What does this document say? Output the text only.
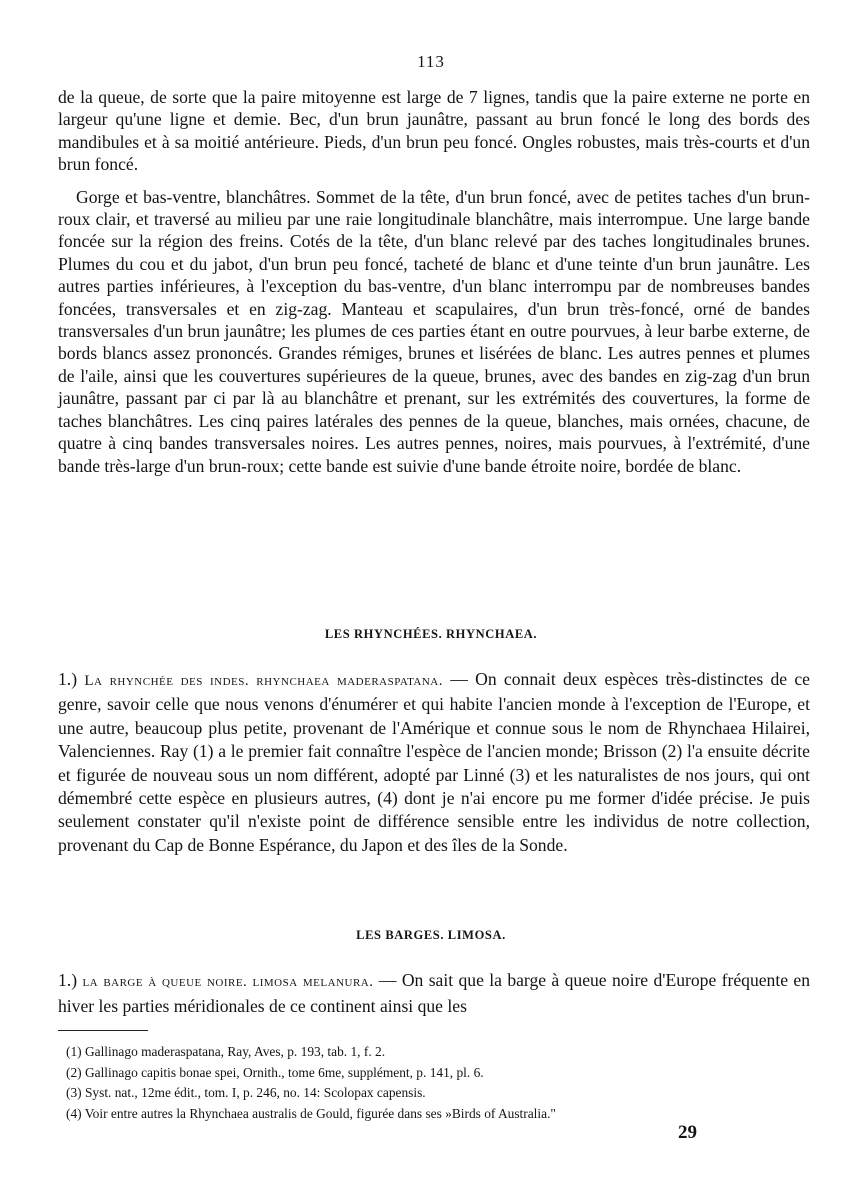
113

de la queue, de sorte que la paire mitoyenne est large de 7 lignes, tandis que la paire externe ne porte en largeur qu'une ligne et demie. Bec, d'un brun jaunâtre, passant au brun foncé le long des bords des mandibules et à sa moitié antérieure. Pieds, d'un brun peu foncé. Ongles robustes, mais très-courts et d'un brun foncé.

Gorge et bas-ventre, blanchâtres. Sommet de la tête, d'un brun foncé, avec de petites taches d'un brun-roux clair, et traversé au milieu par une raie longitudinale blanchâtre, mais interrompue. Une large bande foncée sur la région des freins. Cotés de la tête, d'un blanc relevé par des taches longitudinales brunes. Plumes du cou et du jabot, d'un brun peu foncé, tacheté de blanc et d'une teinte d'un brun jaunâtre. Les autres parties inférieures, à l'exception du bas-ventre, d'un blanc interrompu par de nombreuses bandes foncées, transversales et en zig-zag. Manteau et scapulaires, d'un brun très-foncé, orné de bandes transversales d'un brun jaunâtre; les plumes de ces parties étant en outre pourvues, à leur barbe externe, de bords blancs assez prononcés. Grandes rémiges, brunes et lisérées de blanc. Les autres pennes et plumes de l'aile, ainsi que les couvertures supérieures de la queue, brunes, avec des bandes en zig-zag d'un brun jaunâtre, passant par ci par là au blanchâtre et prenant, sur les extrémités des couvertures, la forme de taches blanchâtres. Les cinq paires latérales des pennes de la queue, blanches, mais ornées, chacune, de quatre à cinq bandes transversales noires. Les autres pennes, noires, mais pourvues, à l'extrémité, d'une bande très-large d'un brun-roux; cette bande est suivie d'une bande étroite noire, bordée de blanc.

LES RHYNCHÉES. RHYNCHAEA.

1.) La rhynchée des indes. rhynchaea maderaspatana. — On connait deux espèces très-distinctes de ce genre, savoir celle que nous venons d'énumérer et qui habite l'ancien monde à l'exception de l'Europe, et une autre, beaucoup plus petite, provenant de l'Amérique et connue sous le nom de Rhynchaea Hilairei, Valenciennes. Ray (1) a le premier fait connaître l'espèce de l'ancien monde; Brisson (2) l'a ensuite décrite et figurée de nouveau sous un nom différent, adopté par Linné (3) et les naturalistes de nos jours, qui ont démembré cette espèce en plusieurs autres, (4) dont je n'ai encore pu me former d'idée précise. Je puis seulement constater qu'il n'existe point de différence sensible entre les individus de notre collection, provenant du Cap de Bonne Espérance, du Japon et des îles de la Sonde.

LES BARGES. LIMOSA.

1.) la barge à queue noire. limosa melanura. — On sait que la barge à queue noire d'Europe fréquente en hiver les parties méridionales de ce continent ainsi que les

(1) Gallinago maderaspatana, Ray, Aves, p. 193, tab. 1, f. 2.
(2) Gallinago capitis bonae spei, Ornith., tome 6me, supplément, p. 141, pl. 6.
(3) Syst. nat., 12me édit., tom. I, p. 246, no. 14: Scolopax capensis.
(4) Voir entre autres la Rhynchaea australis de Gould, figurée dans ses »Birds of Australia."
29
